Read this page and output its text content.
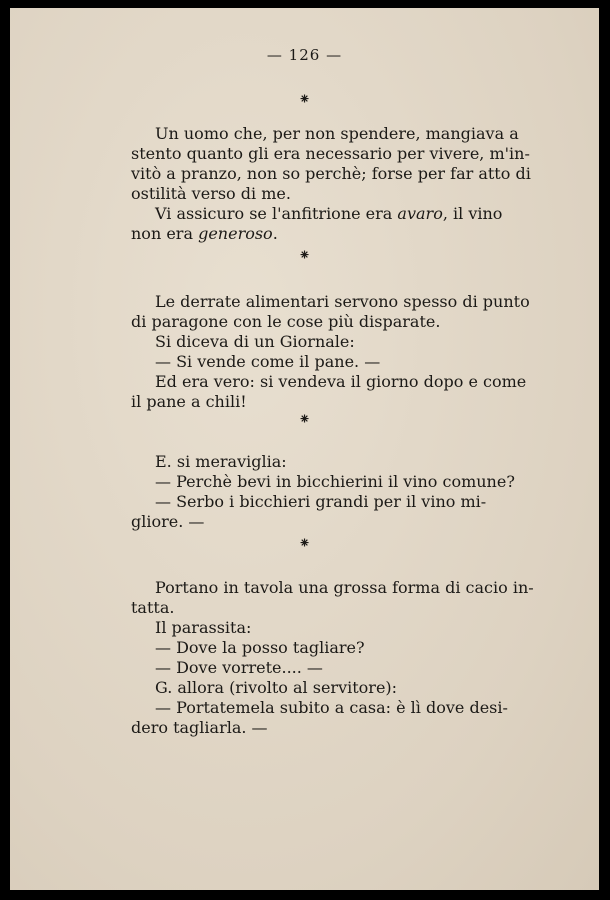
— 126 —
⁕

Un uomo che, per non spendere, mangiava a

stento quanto gli era necessario per vivere, m'in-

vitò a pranzo, non so perchè; forse per far atto di

ostilità verso di me.

Vi assicuro se l'anfitrione era avaro, il vino

non era generoso.

⁕

Le derrate alimentari servono spesso di punto

di paragone con le cose più disparate.

Si diceva di un Giornale:

— Si vende come il pane. —

Ed era vero: si vendeva il giorno dopo e come

il pane a chili!

⁕

E. si meraviglia:

— Perchè bevi in bicchierini il vino comune?

— Serbo i bicchieri grandi per il vino mi-

gliore. —

⁕

Portano in tavola una grossa forma di cacio in-

tatta.

Il parassita:

— Dove la posso tagliare?

— Dove vorrete.... —

G. allora (rivolto al servitore):

— Portatemela subito a casa: è lì dove desi-

dero tagliarla. —
